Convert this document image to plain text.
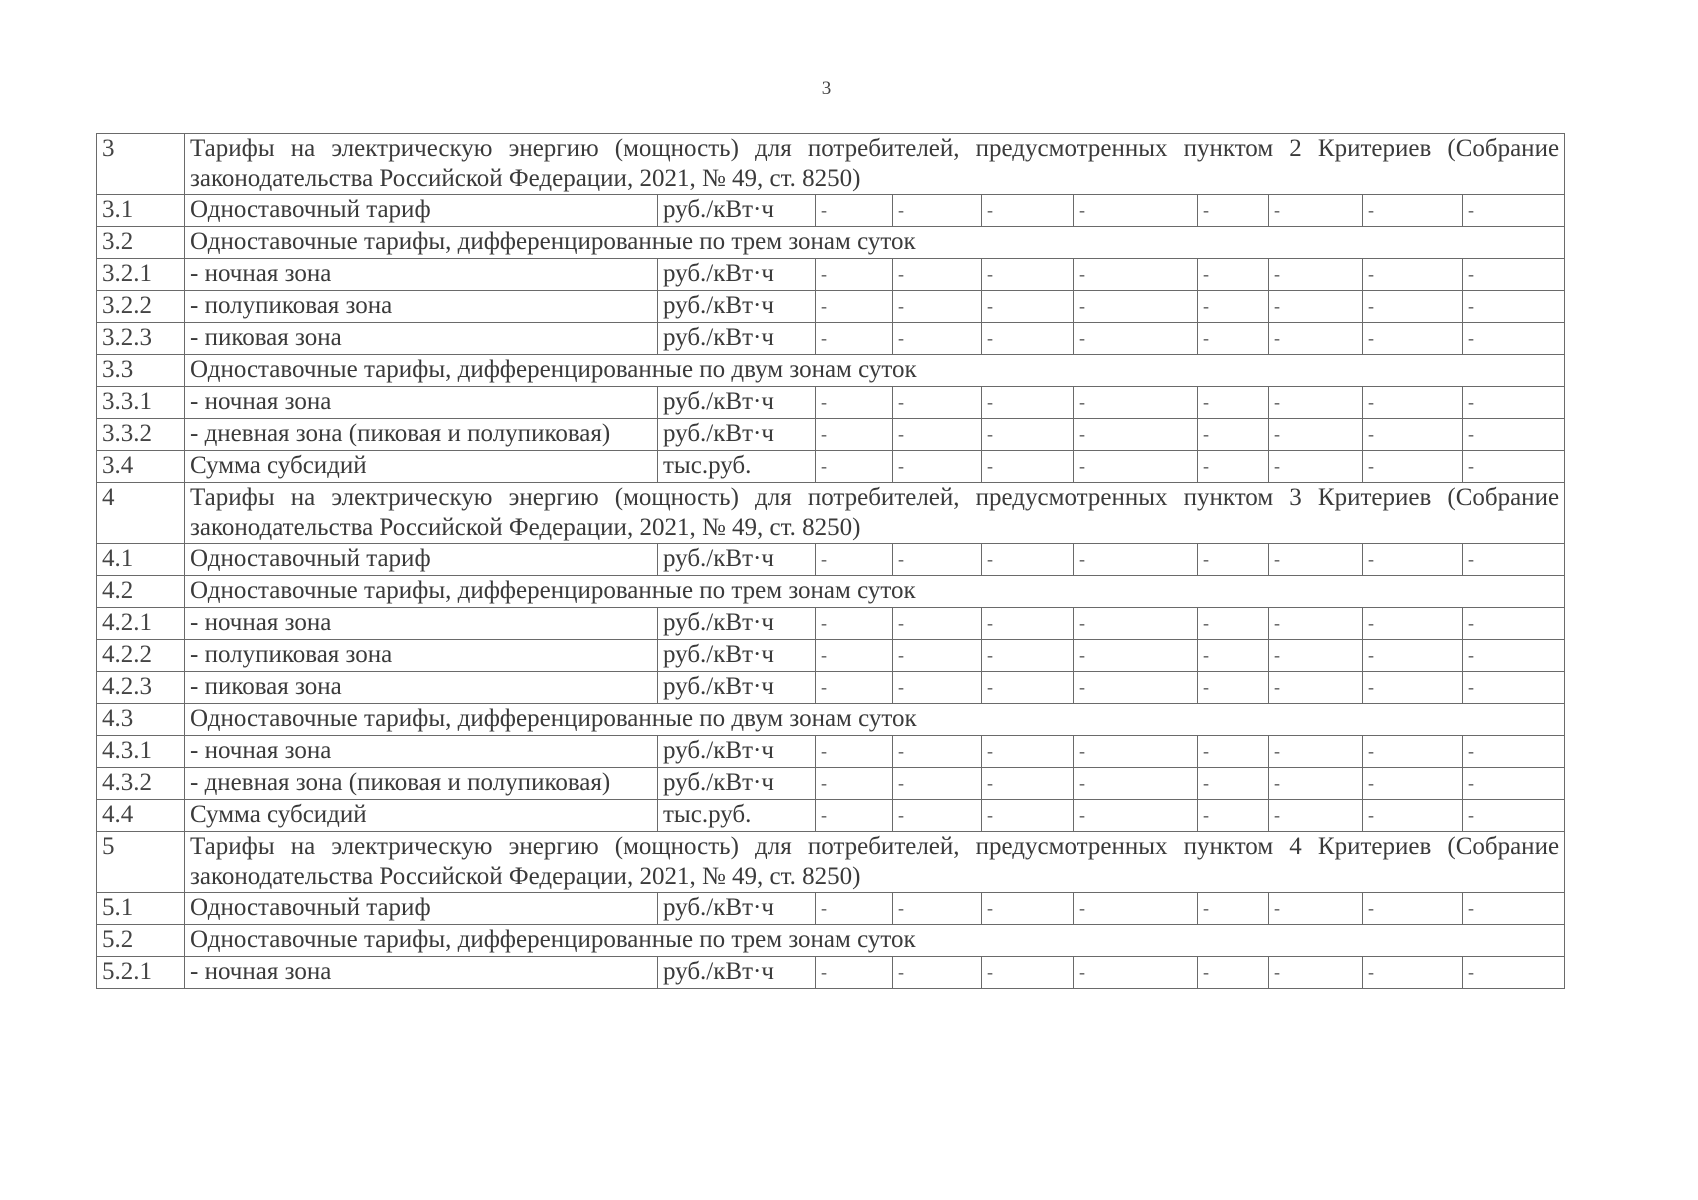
3
3	Тарифы на электрическую энергию (мощность) для потребителей, предусмотренных пунктом 2 Критериев (Собрание законодательства Российской Федерации, 2021, № 49, ст. 8250)									
3.1	Одноставочный тариф	руб./кВт·ч	-	-	-	-	-	-	-	-
3.2	Одноставочные тарифы, дифференцированные по трем зонам суток									
3.2.1	- ночная зона	руб./кВт·ч	-	-	-	-	-	-	-	-
3.2.2	- полупиковая зона	руб./кВт·ч	-	-	-	-	-	-	-	-
3.2.3	- пиковая зона	руб./кВт·ч	-	-	-	-	-	-	-	-
3.3	Одноставочные тарифы, дифференцированные по двум зонам суток									
3.3.1	- ночная зона	руб./кВт·ч	-	-	-	-	-	-	-	-
3.3.2	- дневная зона (пиковая и полупиковая)	руб./кВт·ч	-	-	-	-	-	-	-	-
3.4	Сумма субсидий	тыс.руб.	-	-	-	-	-	-	-	-
4	Тарифы на электрическую энергию (мощность) для потребителей, предусмотренных пунктом 3 Критериев (Собрание законодательства Российской Федерации, 2021, № 49, ст. 8250)									
4.1	Одноставочный тариф	руб./кВт·ч	-	-	-	-	-	-	-	-
4.2	Одноставочные тарифы, дифференцированные по трем зонам суток									
4.2.1	- ночная зона	руб./кВт·ч	-	-	-	-	-	-	-	-
4.2.2	- полупиковая зона	руб./кВт·ч	-	-	-	-	-	-	-	-
4.2.3	- пиковая зона	руб./кВт·ч	-	-	-	-	-	-	-	-
4.3	Одноставочные тарифы, дифференцированные по двум зонам суток									
4.3.1	- ночная зона	руб./кВт·ч	-	-	-	-	-	-	-	-
4.3.2	- дневная зона (пиковая и полупиковая)	руб./кВт·ч	-	-	-	-	-	-	-	-
4.4	Сумма субсидий	тыс.руб.	-	-	-	-	-	-	-	-
5	Тарифы на электрическую энергию (мощность) для потребителей, предусмотренных пунктом 4 Критериев (Собрание законодательства Российской Федерации, 2021, № 49, ст. 8250)									
5.1	Одноставочный тариф	руб./кВт·ч	-	-	-	-	-	-	-	-
5.2	Одноставочные тарифы, дифференцированные по трем зонам суток									
5.2.1	- ночная зона	руб./кВт·ч	-	-	-	-	-	-	-	-
